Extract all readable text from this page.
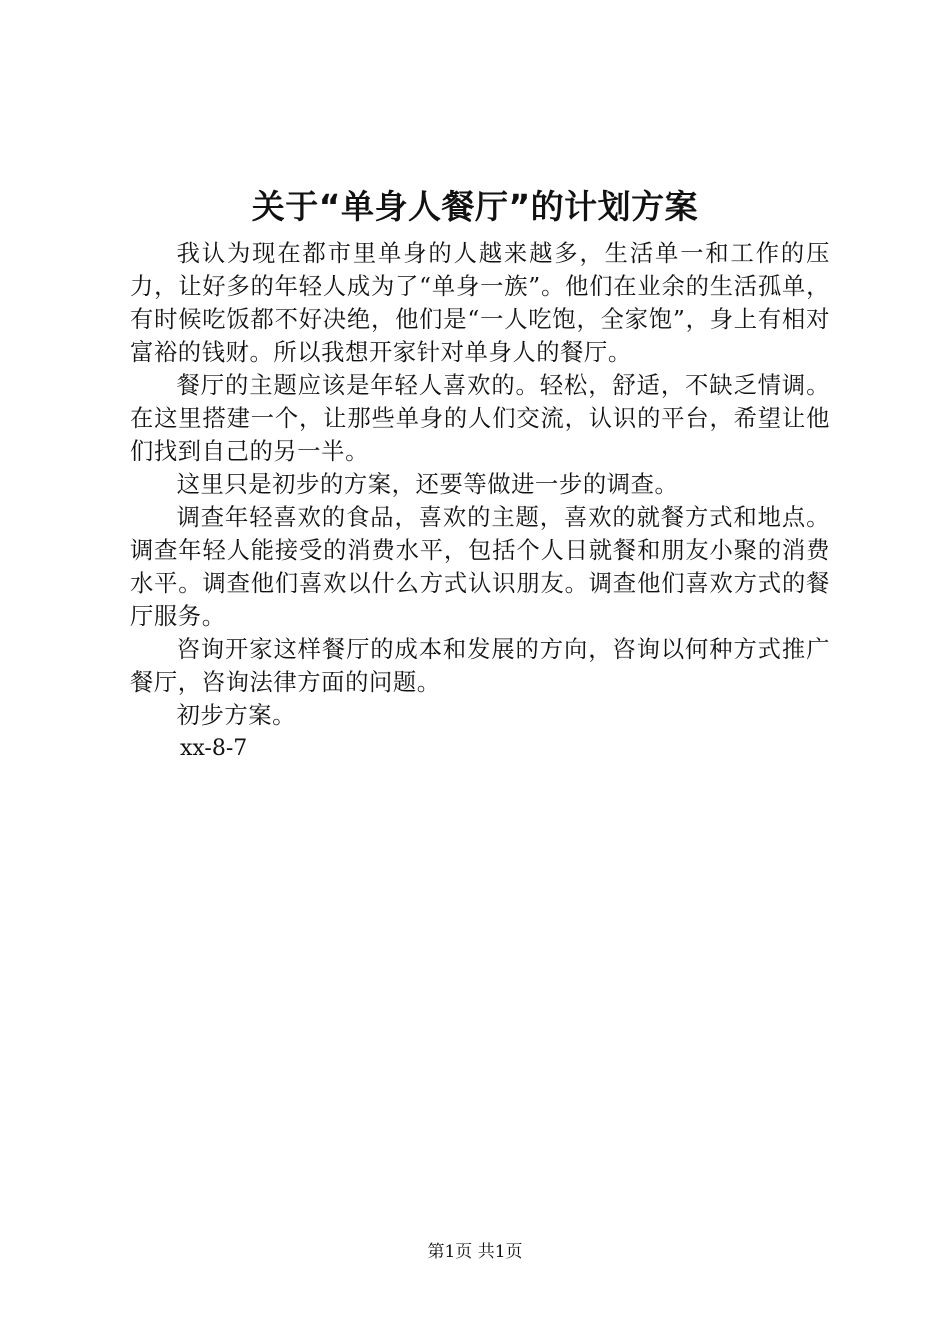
关于“单身人餐厅”的计划方案

我认为现在都市里单身的人越来越多，生活单一和工作的压力，让好多的年轻人成为了“单身一族”。他们在业余的生活孤单，有时候吃饭都不好决绝，他们是“一人吃饱，全家饱”，身上有相对富裕的钱财。所以我想开家针对单身人的餐厅。

餐厅的主题应该是年轻人喜欢的。轻松，舒适，不缺乏情调。在这里搭建一个，让那些单身的人们交流，认识的平台，希望让他们找到自己的另一半。

这里只是初步的方案，还要等做进一步的调查。

调查年轻喜欢的食品，喜欢的主题，喜欢的就餐方式和地点。调查年轻人能接受的消费水平，包括个人日就餐和朋友小聚的消费水平。调查他们喜欢以什么方式认识朋友。调查他们喜欢方式的餐厅服务。

咨询开家这样餐厅的成本和发展的方向，咨询以何种方式推广餐厅，咨询法律方面的问题。

初步方案。

xx-8-7

第1页 共1页
